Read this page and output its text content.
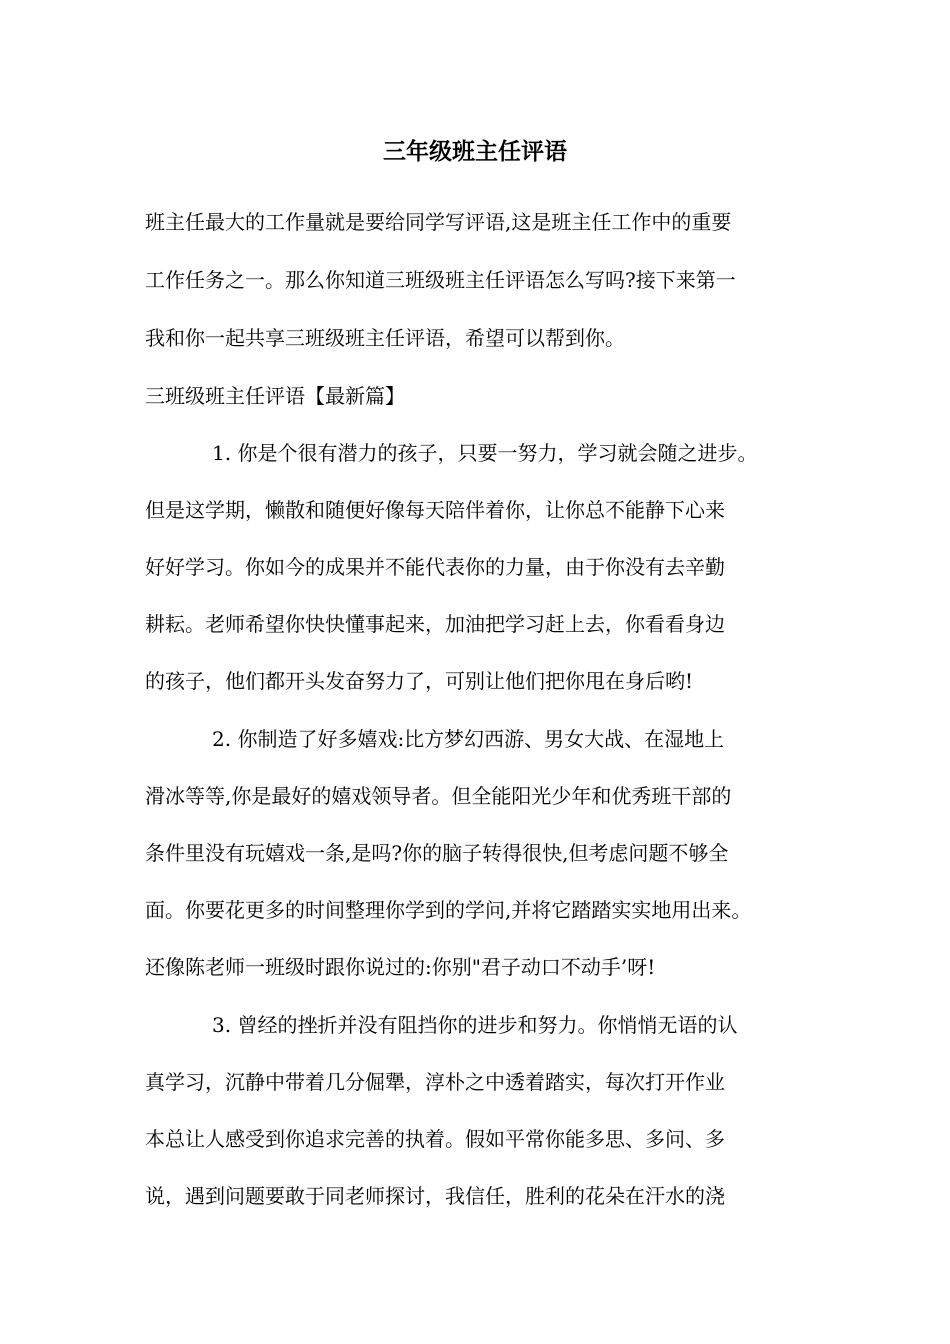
三年级班主任评语

班主任最大的工作量就是要给同学写评语,这是班主任工作中的重要

工作任务之一。那么你知道三班级班主任评语怎么写吗?接下来第一

我和你一起共享三班级班主任评语，希望可以帮到你。

三班级班主任评语【最新篇】

1. 你是个很有潜力的孩子，只要一努力，学习就会随之进步。

但是这学期，懒散和随便好像每天陪伴着你，让你总不能静下心来

好好学习。你如今的成果并不能代表你的力量，由于你没有去辛勤

耕耘。老师希望你快快懂事起来，加油把学习赶上去，你看看身边

的孩子，他们都开头发奋努力了，可别让他们把你甩在身后哟!

2. 你制造了好多嬉戏:比方梦幻西游、男女大战、在湿地上

滑冰等等,你是最好的嬉戏领导者。但全能阳光少年和优秀班干部的

条件里没有玩嬉戏一条,是吗?你的脑子转得很快,但考虑问题不够全

面。你要花更多的时间整理你学到的学问,并将它踏踏实实地用出来。

还像陈老师一班级时跟你说过的:你别"君子动口不动手’呀!

3. 曾经的挫折并没有阻挡你的进步和努力。你悄悄无语的认

真学习，沉静中带着几分倔犟，淳朴之中透着踏实，每次打开作业

本总让人感受到你追求完善的执着。假如平常你能多思、多问、多

说，遇到问题要敢于同老师探讨，我信任，胜利的花朵在汗水的浇
